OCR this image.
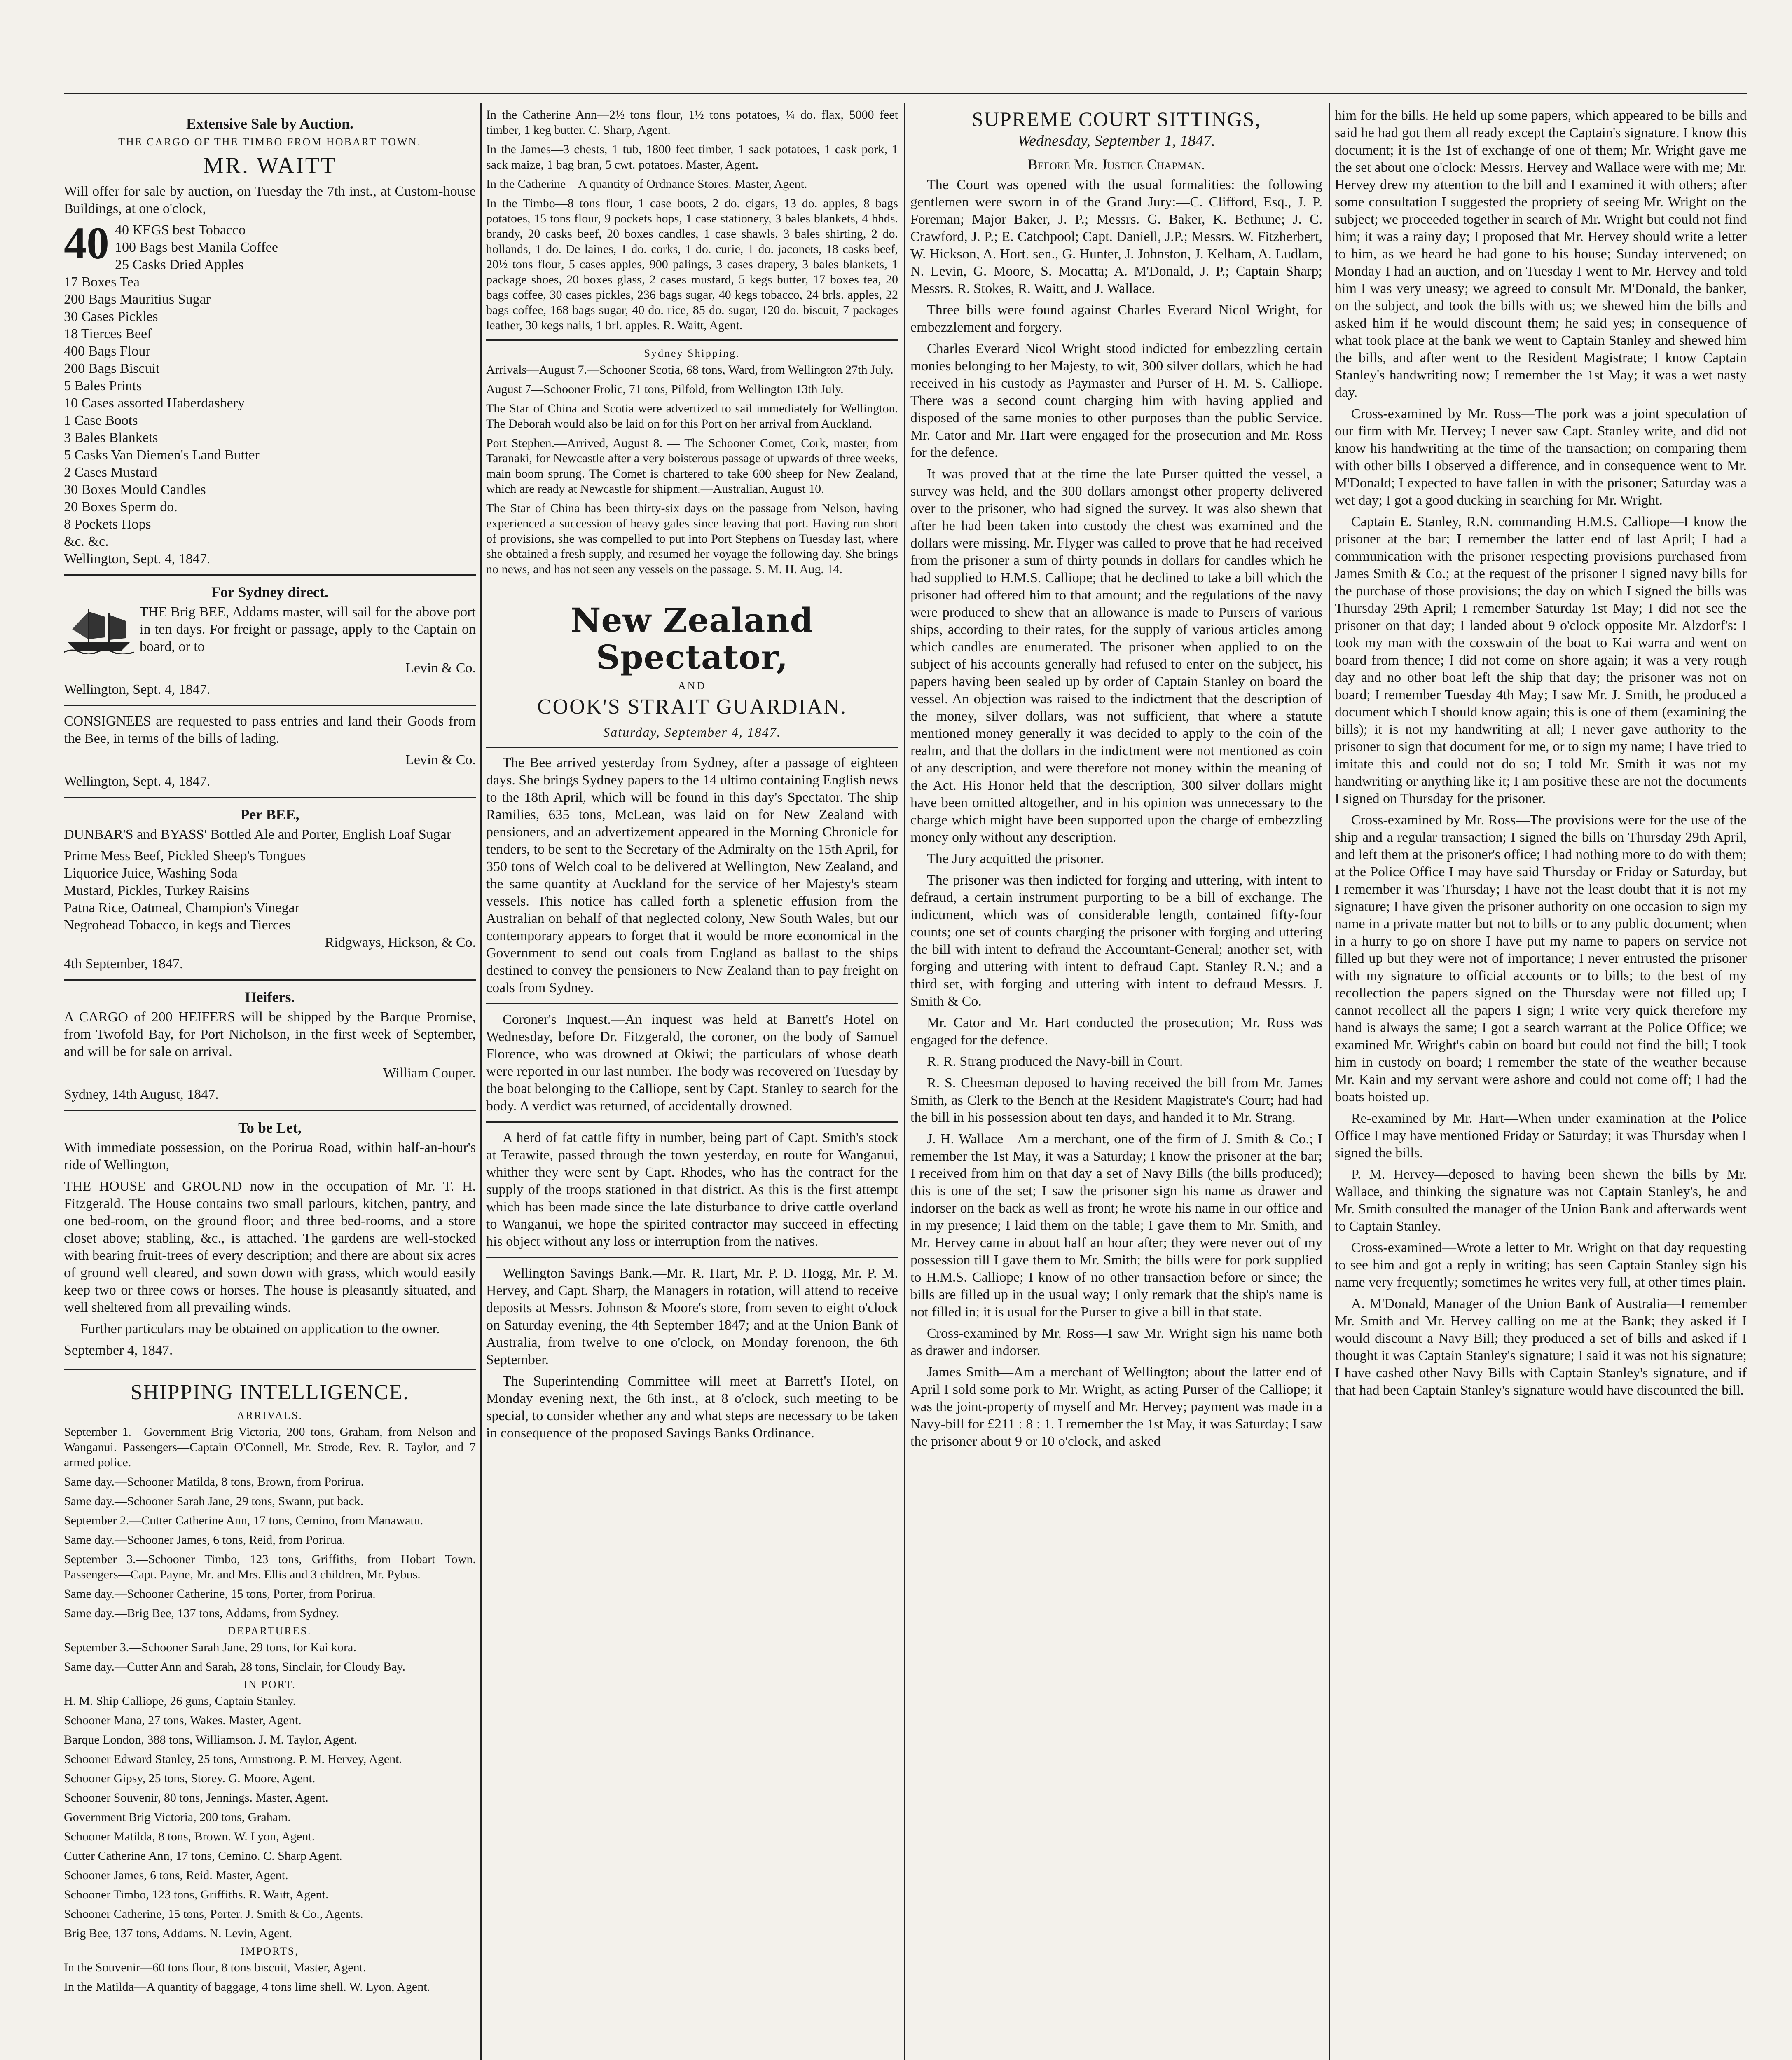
Extensive Sale by Auction.
THE CARGO OF THE TIMBO FROM HOBART TOWN.
MR. WAITT

Will offer for sale by auction, on Tuesday the 7th inst., at Custom-house Buildings, at one o'clock,

40 40 KEGS best Tobacco

100 Bags best Manila Coffee

25 Casks Dried Apples

17 Boxes Tea

200 Bags Mauritius Sugar

30 Cases Pickles

18 Tierces Beef

400 Bags Flour

200 Bags Biscuit

5 Bales Prints

10 Cases assorted Haberdashery

1 Case Boots

3 Bales Blankets

5 Casks Van Diemen's Land Butter

2 Cases Mustard

30 Boxes Mould Candles

20 Boxes Sperm do.

8 Pockets Hops

&c. &c.

Wellington, Sept. 4, 1847.

For Sydney direct.

THE Brig BEE, Addams master, will sail for the above port in ten days. For freight or passage, apply to the Captain on board, or to

Levin & Co.

Wellington, Sept. 4, 1847.

CONSIGNEES are requested to pass entries and land their Goods from the Bee, in terms of the bills of lading.

Levin & Co.

Wellington, Sept. 4, 1847.

Per BEE,

DUNBAR'S and BYASS' Bottled Ale and Porter, English Loaf Sugar

Prime Mess Beef, Pickled Sheep's Tongues

Liquorice Juice, Washing Soda

Mustard, Pickles, Turkey Raisins

Patna Rice, Oatmeal, Champion's Vinegar

Negrohead Tobacco, in kegs and Tierces

Ridgways, Hickson, & Co.

4th September, 1847.

Heifers.

A CARGO of 200 HEIFERS will be shipped by the Barque Promise, from Twofold Bay, for Port Nicholson, in the first week of September, and will be for sale on arrival.

William Couper.

Sydney, 14th August, 1847.

To be Let,

With immediate possession, on the Porirua Road, within half-an-hour's ride of Wellington,

THE HOUSE and GROUND now in the occupation of Mr. T. H. Fitzgerald. The House contains two small parlours, kitchen, pantry, and one bed-room, on the ground floor; and three bed-rooms, and a store closet above; stabling, &c., is attached. The gardens are well-stocked with bearing fruit-trees of every description; and there are about six acres of ground well cleared, and sown down with grass, which would easily keep two or three cows or horses. The house is pleasantly situated, and well sheltered from all prevailing winds.

Further particulars may be obtained on application to the owner.

September 4, 1847.

SHIPPING INTELLIGENCE.
ARRIVALS.

September 1.—Government Brig Victoria, 200 tons, Graham, from Nelson and Wanganui. Passengers—Captain O'Connell, Mr. Strode, Rev. R. Taylor, and 7 armed police.

Same day.—Schooner Matilda, 8 tons, Brown, from Porirua.

Same day.—Schooner Sarah Jane, 29 tons, Swann, put back.

September 2.—Cutter Catherine Ann, 17 tons, Cemino, from Manawatu.

Same day.—Schooner James, 6 tons, Reid, from Porirua.

September 3.—Schooner Timbo, 123 tons, Griffiths, from Hobart Town. Passengers—Capt. Payne, Mr. and Mrs. Ellis and 3 children, Mr. Pybus.

Same day.—Schooner Catherine, 15 tons, Porter, from Porirua.

Same day.—Brig Bee, 137 tons, Addams, from Sydney.

DEPARTURES.

September 3.—Schooner Sarah Jane, 29 tons, for Kai kora.

Same day.—Cutter Ann and Sarah, 28 tons, Sinclair, for Cloudy Bay.

IN PORT.

H. M. Ship Calliope, 26 guns, Captain Stanley.

Schooner Mana, 27 tons, Wakes. Master, Agent.

Barque London, 388 tons, Williamson. J. M. Taylor, Agent.

Schooner Edward Stanley, 25 tons, Armstrong. P. M. Hervey, Agent.

Schooner Gipsy, 25 tons, Storey. G. Moore, Agent.

Schooner Souvenir, 80 tons, Jennings. Master, Agent.

Government Brig Victoria, 200 tons, Graham.

Schooner Matilda, 8 tons, Brown. W. Lyon, Agent.

Cutter Catherine Ann, 17 tons, Cemino. C. Sharp Agent.

Schooner James, 6 tons, Reid. Master, Agent.

Schooner Timbo, 123 tons, Griffiths. R. Waitt, Agent.

Schooner Catherine, 15 tons, Porter. J. Smith & Co., Agents.

Brig Bee, 137 tons, Addams. N. Levin, Agent.

IMPORTS,

In the Souvenir—60 tons flour, 8 tons biscuit, Master, Agent.

In the Matilda—A quantity of baggage, 4 tons lime shell. W. Lyon, Agent.

In the Catherine Ann—2½ tons flour, 1½ tons potatoes, ¼ do. flax, 5000 feet timber, 1 keg butter. C. Sharp, Agent.

In the James—3 chests, 1 tub, 1800 feet timber, 1 sack potatoes, 1 cask pork, 1 sack maize, 1 bag bran, 5 cwt. potatoes. Master, Agent.

In the Catherine—A quantity of Ordnance Stores. Master, Agent.

In the Timbo—8 tons flour, 1 case boots, 2 do. cigars, 13 do. apples, 8 bags potatoes, 15 tons flour, 9 pockets hops, 1 case stationery, 3 bales blankets, 4 hhds. brandy, 20 casks beef, 20 boxes candles, 1 case shawls, 3 bales shirting, 2 do. hollands, 1 do. De laines, 1 do. corks, 1 do. curie, 1 do. jaconets, 18 casks beef, 20½ tons flour, 5 cases apples, 900 palings, 3 cases drapery, 3 bales blankets, 1 package shoes, 20 boxes glass, 2 cases mustard, 5 kegs butter, 17 boxes tea, 20 bags coffee, 30 cases pickles, 236 bags sugar, 40 kegs tobacco, 24 brls. apples, 22 bags coffee, 168 bags sugar, 40 do. rice, 85 do. sugar, 120 do. biscuit, 7 packages leather, 30 kegs nails, 1 brl. apples. R. Waitt, Agent.

Sydney Shipping.

Arrivals—August 7.—Schooner Scotia, 68 tons, Ward, from Wellington 27th July.

August 7—Schooner Frolic, 71 tons, Pilfold, from Wellington 13th July.

The Star of China and Scotia were advertized to sail immediately for Wellington. The Deborah would also be laid on for this Port on her arrival from Auckland.

Port Stephen.—Arrived, August 8. — The Schooner Comet, Cork, master, from Taranaki, for Newcastle after a very boisterous passage of upwards of three weeks, main boom sprung. The Comet is chartered to take 600 sheep for New Zealand, which are ready at Newcastle for shipment.—Australian, August 10.

The Star of China has been thirty-six days on the passage from Nelson, having experienced a succession of heavy gales since leaving that port. Having run short of provisions, she was compelled to put into Port Stephens on Tuesday last, where she obtained a fresh supply, and resumed her voyage the following day. She brings no news, and has not seen any vessels on the passage. S. M. H. Aug. 14.

New Zealand Spectator,
AND
COOK'S STRAIT GUARDIAN.
Saturday, September 4, 1847.

The Bee arrived yesterday from Sydney, after a passage of eighteen days. She brings Sydney papers to the 14 ultimo containing English news to the 18th April, which will be found in this day's Spectator. The ship Ramilies, 635 tons, McLean, was laid on for New Zealand with pensioners, and an advertizement appeared in the Morning Chronicle for tenders, to be sent to the Secretary of the Admiralty on the 15th April, for 350 tons of Welch coal to be delivered at Wellington, New Zealand, and the same quantity at Auckland for the service of her Majesty's steam vessels. This notice has called forth a splenetic effusion from the Australian on behalf of that neglected colony, New South Wales, but our contemporary appears to forget that it would be more economical in the Government to send out coals from England as ballast to the ships destined to convey the pensioners to New Zealand than to pay freight on coals from Sydney.

Coroner's Inquest.—An inquest was held at Barrett's Hotel on Wednesday, before Dr. Fitzgerald, the coroner, on the body of Samuel Florence, who was drowned at Okiwi; the particulars of whose death were reported in our last number. The body was recovered on Tuesday by the boat belonging to the Calliope, sent by Capt. Stanley to search for the body. A verdict was returned, of accidentally drowned.

A herd of fat cattle fifty in number, being part of Capt. Smith's stock at Terawite, passed through the town yesterday, en route for Wanganui, whither they were sent by Capt. Rhodes, who has the contract for the supply of the troops stationed in that district. As this is the first attempt which has been made since the late disturbance to drive cattle overland to Wanganui, we hope the spirited contractor may succeed in effecting his object without any loss or interruption from the natives.

Wellington Savings Bank.—Mr. R. Hart, Mr. P. D. Hogg, Mr. P. M. Hervey, and Capt. Sharp, the Managers in rotation, will attend to receive deposits at Messrs. Johnson & Moore's store, from seven to eight o'clock on Saturday evening, the 4th September 1847; and at the Union Bank of Australia, from twelve to one o'clock, on Monday forenoon, the 6th September.

The Superintending Committee will meet at Barrett's Hotel, on Monday evening next, the 6th inst., at 8 o'clock, such meeting to be special, to consider whether any and what steps are necessary to be taken in consequence of the proposed Savings Banks Ordinance.

SUPREME COURT SITTINGS,
Wednesday, September 1, 1847.
Before Mr. Justice Chapman.

The Court was opened with the usual formalities: the following gentlemen were sworn in of the Grand Jury:—C. Clifford, Esq., J. P. Foreman; Major Baker, J. P.; Messrs. G. Baker, K. Bethune; J. C. Crawford, J. P.; E. Catchpool; Capt. Daniell, J.P.; Messrs. W. Fitzherbert, W. Hickson, A. Hort. sen., G. Hunter, J. Johnston, J. Kelham, A. Ludlam, N. Levin, G. Moore, S. Mocatta; A. M'Donald, J. P.; Captain Sharp; Messrs. R. Stokes, R. Waitt, and J. Wallace.

Three bills were found against Charles Everard Nicol Wright, for embezzlement and forgery.

Charles Everard Nicol Wright stood indicted for embezzling certain monies belonging to her Majesty, to wit, 300 silver dollars, which he had received in his custody as Paymaster and Purser of H. M. S. Calliope. There was a second count charging him with having applied and disposed of the same monies to other purposes than the public Service. Mr. Cator and Mr. Hart were engaged for the prosecution and Mr. Ross for the defence.

It was proved that at the time the late Purser quitted the vessel, a survey was held, and the 300 dollars amongst other property delivered over to the prisoner, who had signed the survey. It was also shewn that after he had been taken into custody the chest was examined and the dollars were missing. Mr. Flyger was called to prove that he had received from the prisoner a sum of thirty pounds in dollars for candles which he had supplied to H.M.S. Calliope; that he declined to take a bill which the prisoner had offered him to that amount; and the regulations of the navy were produced to shew that an allowance is made to Pursers of various ships, according to their rates, for the supply of various articles among which candles are enumerated. The prisoner when applied to on the subject of his accounts generally had refused to enter on the subject, his papers having been sealed up by order of Captain Stanley on board the vessel. An objection was raised to the indictment that the description of the money, silver dollars, was not sufficient, that where a statute mentioned money generally it was decided to apply to the coin of the realm, and that the dollars in the indictment were not mentioned as coin of any description, and were therefore not money within the meaning of the Act. His Honor held that the description, 300 silver dollars might have been omitted altogether, and in his opinion was unnecessary to the charge which might have been supported upon the charge of embezzling money only without any description.

The Jury acquitted the prisoner.

The prisoner was then indicted for forging and uttering, with intent to defraud, a certain instrument purporting to be a bill of exchange. The indictment, which was of considerable length, contained fifty-four counts; one set of counts charging the prisoner with forging and uttering the bill with intent to defraud the Accountant-General; another set, with forging and uttering with intent to defraud Capt. Stanley R.N.; and a third set, with forging and uttering with intent to defraud Messrs. J. Smith & Co.

Mr. Cator and Mr. Hart conducted the prosecution; Mr. Ross was engaged for the defence.

R. R. Strang produced the Navy-bill in Court.

R. S. Cheesman deposed to having received the bill from Mr. James Smith, as Clerk to the Bench at the Resident Magistrate's Court; had had the bill in his possession about ten days, and handed it to Mr. Strang.

J. H. Wallace—Am a merchant, one of the firm of J. Smith & Co.; I remember the 1st May, it was a Saturday; I know the prisoner at the bar; I received from him on that day a set of Navy Bills (the bills produced); this is one of the set; I saw the prisoner sign his name as drawer and indorser on the back as well as front; he wrote his name in our office and in my presence; I laid them on the table; I gave them to Mr. Smith, and Mr. Hervey came in about half an hour after; they were never out of my possession till I gave them to Mr. Smith; the bills were for pork supplied to H.M.S. Calliope; I know of no other transaction before or since; the bills are filled up in the usual way; I only remark that the ship's name is not filled in; it is usual for the Purser to give a bill in that state.

Cross-examined by Mr. Ross—I saw Mr. Wright sign his name both as drawer and indorser.

James Smith—Am a merchant of Wellington; about the latter end of April I sold some pork to Mr. Wright, as acting Purser of the Calliope; it was the joint-property of myself and Mr. Hervey; payment was made in a Navy-bill for £211 : 8 : 1. I remember the 1st May, it was Saturday; I saw the prisoner about 9 or 10 o'clock, and asked

him for the bills. He held up some papers, which appeared to be bills and said he had got them all ready except the Captain's signature. I know this document; it is the 1st of exchange of one of them; Mr. Wright gave me the set about one o'clock: Messrs. Hervey and Wallace were with me; Mr. Hervey drew my attention to the bill and I examined it with others; after some consultation I suggested the propriety of seeing Mr. Wright on the subject; we proceeded together in search of Mr. Wright but could not find him; it was a rainy day; I proposed that Mr. Hervey should write a letter to him, as we heard he had gone to his house; Sunday intervened; on Monday I had an auction, and on Tuesday I went to Mr. Hervey and told him I was very uneasy; we agreed to consult Mr. M'Donald, the banker, on the subject, and took the bills with us; we shewed him the bills and asked him if he would discount them; he said yes; in consequence of what took place at the bank we went to Captain Stanley and shewed him the bills, and after went to the Resident Magistrate; I know Captain Stanley's handwriting now; I remember the 1st May; it was a wet nasty day.

Cross-examined by Mr. Ross—The pork was a joint speculation of our firm with Mr. Hervey; I never saw Capt. Stanley write, and did not know his handwriting at the time of the transaction; on comparing them with other bills I observed a difference, and in consequence went to Mr. M'Donald; I expected to have fallen in with the prisoner; Saturday was a wet day; I got a good ducking in searching for Mr. Wright.

Captain E. Stanley, R.N. commanding H.M.S. Calliope—I know the prisoner at the bar; I remember the latter end of last April; I had a communication with the prisoner respecting provisions purchased from James Smith & Co.; at the request of the prisoner I signed navy bills for the purchase of those provisions; the day on which I signed the bills was Thursday 29th April; I remember Saturday 1st May; I did not see the prisoner on that day; I landed about 9 o'clock opposite Mr. Alzdorf's: I took my man with the coxswain of the boat to Kai warra and went on board from thence; I did not come on shore again; it was a very rough day and no other boat left the ship that day; the prisoner was not on board; I remember Tuesday 4th May; I saw Mr. J. Smith, he produced a document which I should know again; this is one of them (examining the bills); it is not my handwriting at all; I never gave authority to the prisoner to sign that document for me, or to sign my name; I have tried to imitate this and could not do so; I told Mr. Smith it was not my handwriting or anything like it; I am positive these are not the documents I signed on Thursday for the prisoner.

Cross-examined by Mr. Ross—The provisions were for the use of the ship and a regular transaction; I signed the bills on Thursday 29th April, and left them at the prisoner's office; I had nothing more to do with them; at the Police Office I may have said Thursday or Friday or Saturday, but I remember it was Thursday; I have not the least doubt that it is not my signature; I have given the prisoner authority on one occasion to sign my name in a private matter but not to bills or to any public document; when in a hurry to go on shore I have put my name to papers on service not filled up but they were not of importance; I never entrusted the prisoner with my signature to official accounts or to bills; to the best of my recollection the papers signed on the Thursday were not filled up; I cannot recollect all the papers I sign; I write very quick therefore my hand is always the same; I got a search warrant at the Police Office; we examined Mr. Wright's cabin on board but could not find the bill; I took him in custody on board; I remember the state of the weather because Mr. Kain and my servant were ashore and could not come off; I had the boats hoisted up.

Re-examined by Mr. Hart—When under examination at the Police Office I may have mentioned Friday or Saturday; it was Thursday when I signed the bills.

P. M. Hervey—deposed to having been shewn the bills by Mr. Wallace, and thinking the signature was not Captain Stanley's, he and Mr. Smith consulted the manager of the Union Bank and afterwards went to Captain Stanley.

Cross-examined—Wrote a letter to Mr. Wright on that day requesting to see him and got a reply in writing; has seen Captain Stanley sign his name very frequently; sometimes he writes very full, at other times plain.

A. M'Donald, Manager of the Union Bank of Australia—I remember Mr. Smith and Mr. Hervey calling on me at the Bank; they asked if I would discount a Navy Bill; they produced a set of bills and asked if I thought it was Captain Stanley's signature; I said it was not his signature; I have cashed other Navy Bills with Captain Stanley's signature, and if that had been Captain Stanley's signature would have discounted the bill.
